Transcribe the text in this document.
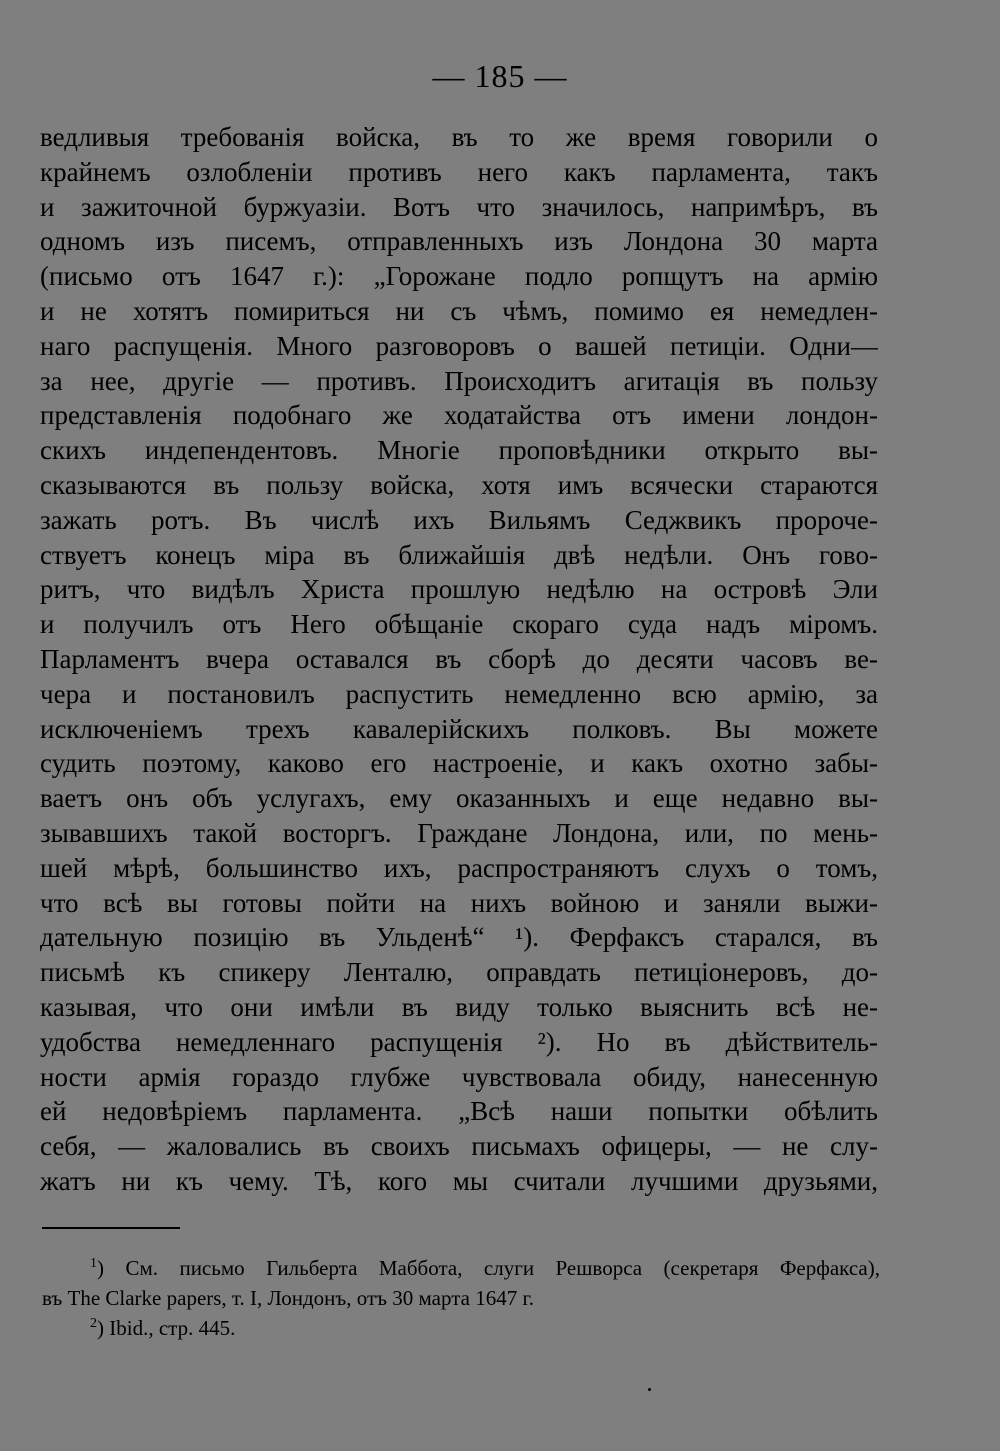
— 185 —
ведливыя требованія войска, въ то же время говорили о
крайнемъ озлобленіи противъ него какъ парламента, такъ
и зажиточной буржуазіи. Вотъ что значилось, напримѣръ, въ
одномъ изъ писемъ, отправленныхъ изъ Лондона 30 марта
(письмо отъ 1647 г.): „Горожане подло ропщутъ на армію
и не хотятъ помириться ни съ чѣмъ, помимо ея немедлен-
наго распущенія. Много разговоровъ о вашей петиціи. Одни—
за нее, другіе — противъ. Происходитъ агитація въ пользу
представленія подобнаго же ходатайства отъ имени лондон-
скихъ индепендентовъ. Многіе проповѣдники открыто вы-
сказываются въ пользу войска, хотя имъ всячески стараются
зажать ротъ. Въ числѣ ихъ Вильямъ Седжвикъ пророче-
ствуетъ конецъ міра въ ближайшія двѣ недѣли. Онъ гово-
ритъ, что видѣлъ Христа прошлую недѣлю на островѣ Эли
и получилъ отъ Него обѣщаніе скораго суда надъ міромъ.
Парламентъ вчера оставался въ сборѣ до десяти часовъ ве-
чера и постановилъ распустить немедленно всю армію, за
исключеніемъ трехъ кавалерійскихъ полковъ. Вы можете
судить поэтому, каково его настроеніе, и какъ охотно забы-
ваетъ онъ объ услугахъ, ему оказанныхъ и еще недавно вы-
зывавшихъ такой восторгъ. Граждане Лондона, или, по мень-
шей мѣрѣ, большинство ихъ, распространяютъ слухъ о томъ,
что всѣ вы готовы пойти на нихъ войною и заняли выжи-
дательную позицію въ Ульденѣ“ ¹). Ферфаксъ старался, въ
письмѣ къ спикеру Ленталю, оправдать петиціонеровъ, до-
казывая, что они имѣли въ виду только выяснить всѣ не-
удобства немедленнаго распущенія ²). Но въ дѣйствитель-
ности армія гораздо глубже чувствовала обиду, нанесенную
ей недовѣріемъ парламента. „Всѣ наши попытки обѣлить
себя, — жаловались въ своихъ письмахъ офицеры, — не слу-
жатъ ни къ чему. Тѣ, кого мы считали лучшими друзьями,
$^1$) См. письмо Гильберта Маббота, слуги Решворса (секретаря Ферфакса),
въ The Clarke papers, т. I, Лондонъ, отъ 30 марта 1647 г.
$^2$) Ibid., стр. 445.
